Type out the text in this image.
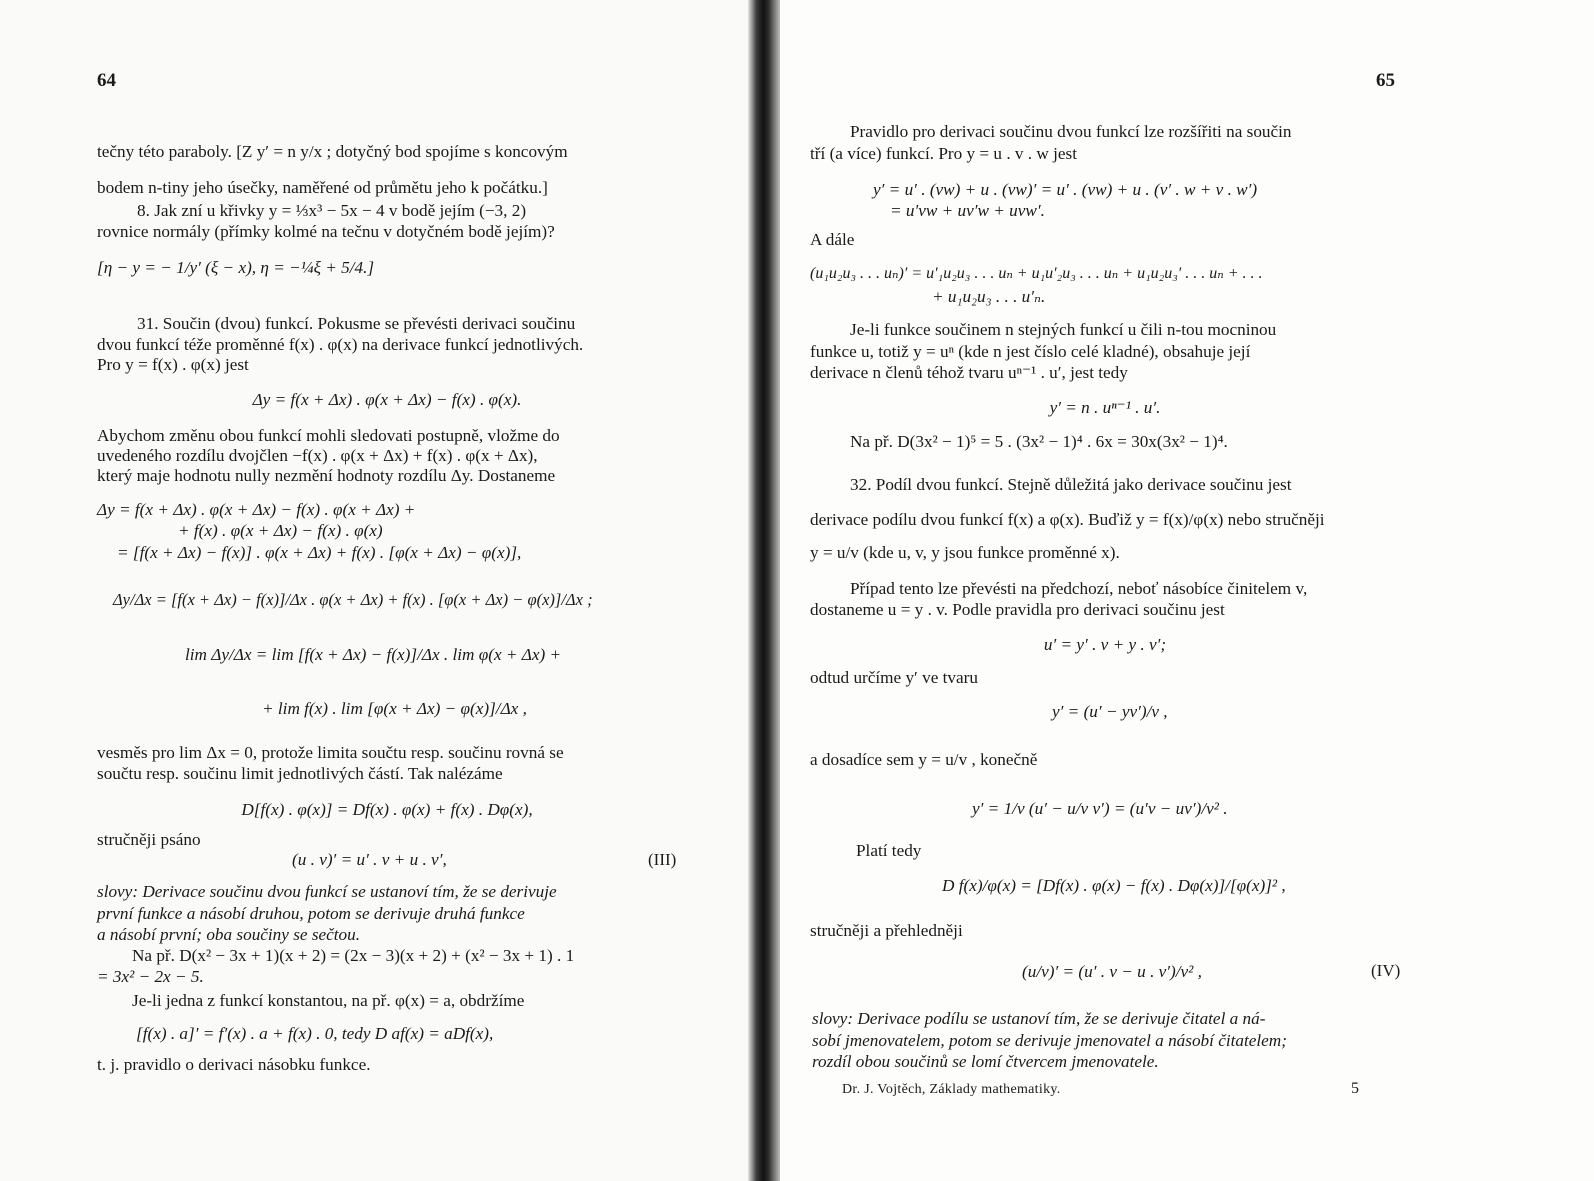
64
tečny této paraboly. [Z y′ = n y/x ; dotyčný bod spojíme s koncovým
bodem n-tiny jeho úsečky, naměřené od průmětu jeho k počátku.]
8. Jak zní u křivky y = ⅓x³ − 5x − 4 v bodě jejím (−3, 2)
rovnice normály (přímky kolmé na tečnu v dotyčném bodě jejím)?
[η − y = − 1/y′ (ξ − x), η = −¼ξ + 5/4.]
31. Součin (dvou) funkcí. Pokusme se převésti derivaci součinu
dvou funkcí téže proměnné f(x) . φ(x) na derivace funkcí jednotlivých.
Pro y = f(x) . φ(x) jest
Δy = f(x + Δx) . φ(x + Δx) − f(x) . φ(x).
Abychom změnu obou funkcí mohli sledovati postupně, vložme do
uvedeného rozdílu dvojčlen −f(x) . φ(x + Δx) + f(x) . φ(x + Δx),
který maje hodnotu nully nezmění hodnoty rozdílu Δy. Dostaneme
Δy = f(x + Δx) . φ(x + Δx) − f(x) . φ(x + Δx) +
+ f(x) . φ(x + Δx) − f(x) . φ(x)
= [f(x + Δx) − f(x)] . φ(x + Δx) + f(x) . [φ(x + Δx) − φ(x)],
Δy/Δx = [f(x + Δx) − f(x)]/Δx . φ(x + Δx) + f(x) . [φ(x + Δx) − φ(x)]/Δx ;
lim Δy/Δx = lim [f(x + Δx) − f(x)]/Δx . lim φ(x + Δx) +
+ lim f(x) . lim [φ(x + Δx) − φ(x)]/Δx ,
vesměs pro lim Δx = 0, protože limita součtu resp. součinu rovná se
součtu resp. součinu limit jednotlivých částí. Tak nalézáme
D[f(x) . φ(x)] = Df(x) . φ(x) + f(x) . Dφ(x),
stručněji psáno
(u . v)′ = u′ . v + u . v′,	(III)
slovy: Derivace součinu dvou funkcí se ustanoví tím, že se derivuje
první funkce a násobí druhou, potom se derivuje druhá funkce
a násobí první; oba součiny se sečtou.
Na př. D(x² − 3x + 1)(x + 2) = (2x − 3)(x + 2) + (x² − 3x + 1) . 1
= 3x² − 2x − 5.
Je-li jedna z funkcí konstantou, na př. φ(x) = a, obdržíme
[f(x) . a]′ = f′(x) . a + f(x) . 0, tedy D af(x) = aDf(x),
t. j. pravidlo o derivaci násobku funkce.
65
Pravidlo pro derivaci součinu dvou funkcí lze rozšířiti na součin
tří (a více) funkcí. Pro y = u . v . w jest
y′ = u′ . (vw) + u . (vw)′ = u′ . (vw) + u . (v′ . w + v . w′)
= u′vw + uv′w + uvw′.
A dále
(u₁u₂u₃ . . . uₙ)′ = u′₁u₂u₃ . . . uₙ + u₁u′₂u₃ . . . uₙ + u₁u₂u₃′ . . . uₙ + . . .
+ u₁u₂u₃ . . . u′ₙ.
Je-li funkce součinem n stejných funkcí u čili n-tou mocninou
funkce u, totiž y = uⁿ (kde n jest číslo celé kladné), obsahuje její
derivace n členů téhož tvaru uⁿ⁻¹ . u′, jest tedy
y′ = n . uⁿ⁻¹ . u′.
Na př. D(3x² − 1)⁵ = 5 . (3x² − 1)⁴ . 6x = 30x(3x² − 1)⁴.
32. Podíl dvou funkcí. Stejně důležitá jako derivace součinu jest
derivace podílu dvou funkcí f(x) a φ(x). Buďiž y = f(x)/φ(x) nebo stručněji
y = u/v (kde u, v, y jsou funkce proměnné x).
Případ tento lze převésti na předchozí, neboť násobíce činitelem v,
dostaneme u = y . v. Podle pravidla pro derivaci součinu jest
u′ = y′ . v + y . v′;
odtud určíme y′ ve tvaru
y′ = (u′ − yv′)/v ,
a dosadíce sem y = u/v , konečně
y′ = 1/v (u′ − u/v v′) = (u′v − uv′)/v² .
Platí tedy
D f(x)/φ(x) = [Df(x) . φ(x) − f(x) . Dφ(x)]/[φ(x)]² ,
stručněji a přehledněji
(u/v)′ = (u′ . v − u . v′)/v² ,	(IV)
slovy: Derivace podílu se ustanoví tím, že se derivuje čitatel a ná-
sobí jmenovatelem, potom se derivuje jmenovatel a násobí čitatelem;
rozdíl obou součinů se lomí čtvercem jmenovatele.
Dr. J. Vojtěch, Základy mathematiky.	5
